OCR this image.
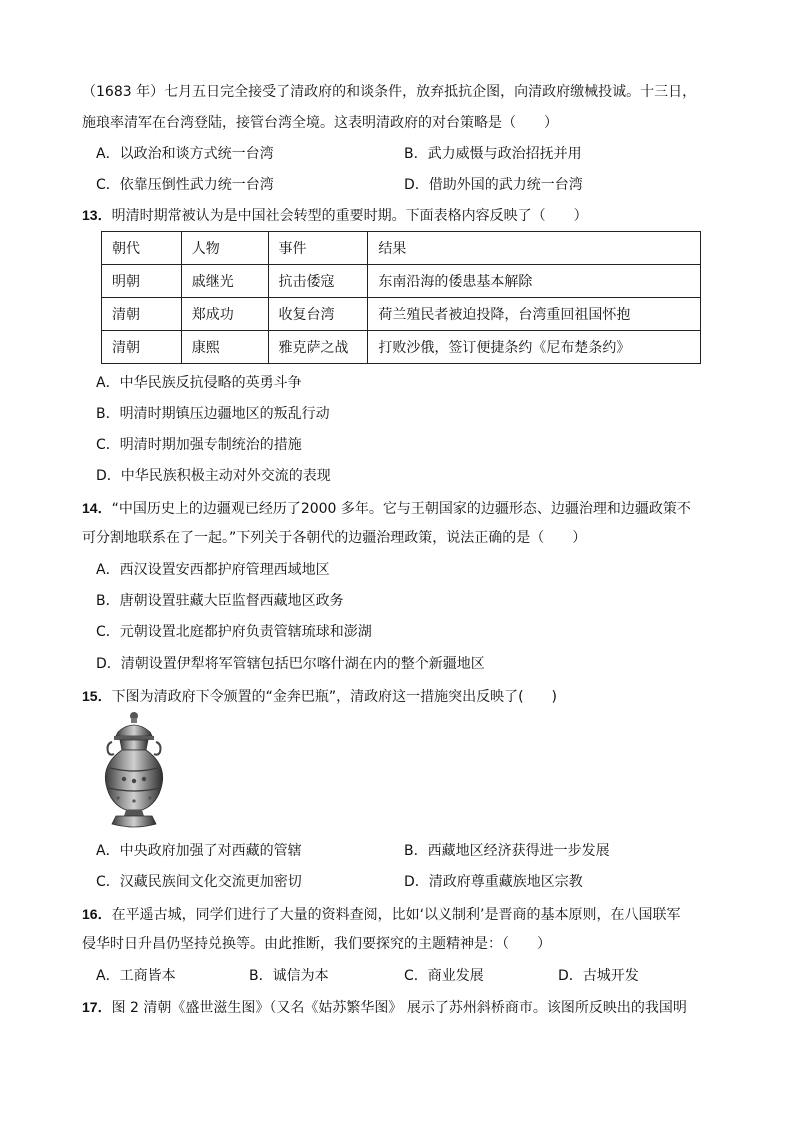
（1683 年）七月五日完全接受了清政府的和谈条件，放弃抵抗企图，向清政府缴械投诚。十三日，
施琅率清军在台湾登陆，接管台湾全境。这表明清政府的对台策略是（　　）
A．以政治和谈方式统一台湾	B．武力威慑与政治招抚并用
C．依靠压倒性武力统一台湾	D．借助外国的武力统一台湾
13．明清时期常被认为是中国社会转型的重要时期。下面表格内容反映了（　　）
朝代	人物	事件	结果
明朝	戚继光	抗击倭寇	东南沿海的倭患基本解除
清朝	郑成功	收复台湾	荷兰殖民者被迫投降，台湾重回祖国怀抱
清朝	康熙	雅克萨之战	打败沙俄，签订便捷条约《尼布楚条约》
A．中华民族反抗侵略的英勇斗争
B．明清时期镇压边疆地区的叛乱行动
C．明清时期加强专制统治的措施
D．中华民族积极主动对外交流的表现
14．“中国历史上的边疆观已经历了2000 多年。它与王朝国家的边疆形态、边疆治理和边疆政策不
可分割地联系在了一起。”下列关于各朝代的边疆治理政策，说法正确的是（　　）
A．西汉设置安西都护府管理西域地区
B．唐朝设置驻藏大臣监督西藏地区政务
C．元朝设置北庭都护府负责管辖琉球和澎湖
D．清朝设置伊犁将军管辖包括巴尔喀什湖在内的整个新疆地区
15．下图为清政府下令颁置的“金奔巴瓶”，清政府这一措施突出反映了(　　)
A．中央政府加强了对西藏的管辖	B．西藏地区经济获得进一步发展
C．汉藏民族间文化交流更加密切	D．清政府尊重藏族地区宗教
16．在平遥古城，同学们进行了大量的资料查阅，比如‘以义制利’是晋商的基本原则，在八国联军
侵华时日升昌仍坚持兑换等。由此推断，我们要探究的主题精神是：（　　）
A．工商皆本	B．诚信为本	C．商业发展	D．古城开发
17．图 2 清朝《盛世滋生图》（又名《姑苏繁华图》 展示了苏州斜桥商市。该图所反映出的我国明
